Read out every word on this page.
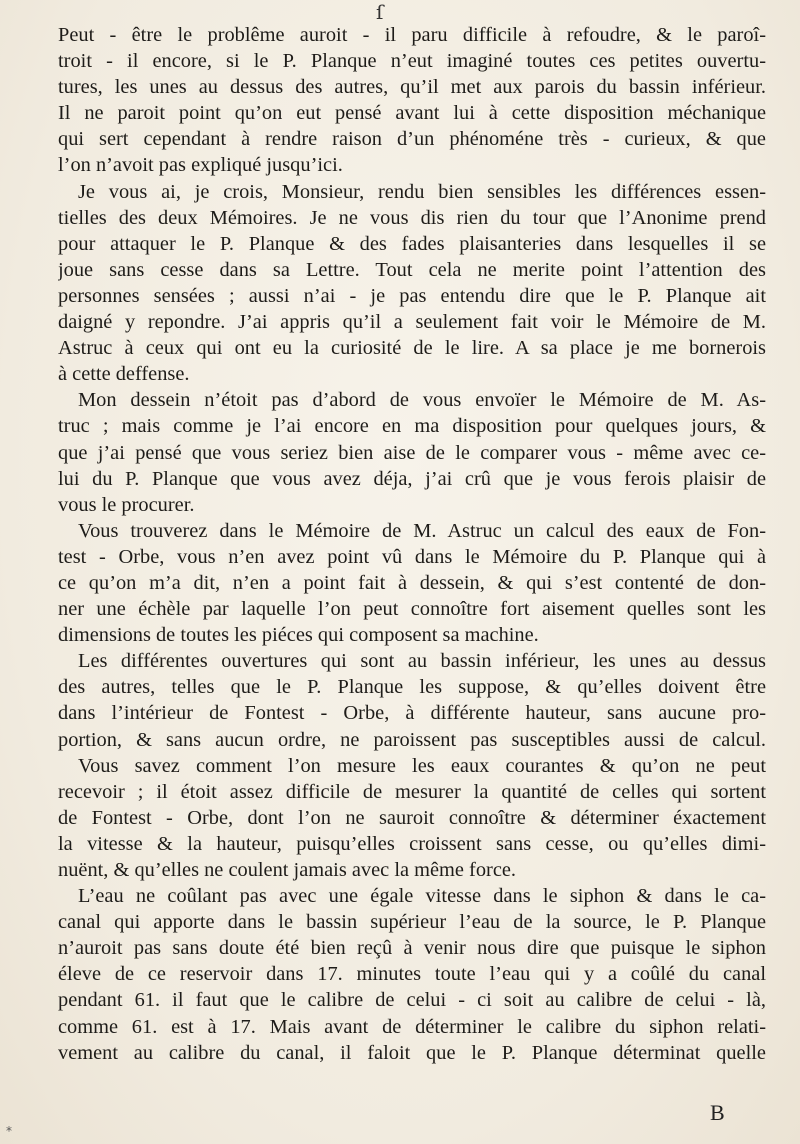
ſ
Peut - être le problême auroit - il paru difficile à refoudre, & le paroî-
troit - il encore, si le P. Planque n’eut imaginé toutes ces petites ouvertu-
tures, les unes au dessus des autres, qu’il met aux parois du bassin inférieur.
Il ne paroit point qu’on eut pensé avant lui à cette disposition méchanique
qui sert cependant à rendre raison d’un phénoméne très - curieux, & que
l’on n’avoit pas expliqué jusqu’ici.
Je vous ai, je crois, Monsieur, rendu bien sensibles les différences essen-
tielles des deux Mémoires. Je ne vous dis rien du tour que l’Anonime prend
pour attaquer le P. Planque & des fades plaisanteries dans lesquelles il se
joue sans cesse dans sa Lettre. Tout cela ne merite point l’attention des
personnes sensées ; aussi n’ai - je pas entendu dire que le P. Planque ait
daigné y repondre. J’ai appris qu’il a seulement fait voir le Mémoire de M.
Astruc à ceux qui ont eu la curiosité de le lire. A sa place je me bornerois
à cette deffense.
Mon dessein n’étoit pas d’abord de vous envoïer le Mémoire de M. As-
truc ; mais comme je l’ai encore en ma disposition pour quelques jours, &
que j’ai pensé que vous seriez bien aise de le comparer vous - même avec ce-
lui du P. Planque que vous avez déja, j’ai crû que je vous ferois plaisir de
vous le procurer.
Vous trouverez dans le Mémoire de M. Astruc un calcul des eaux de Fon-
test - Orbe, vous n’en avez point vû dans le Mémoire du P. Planque qui à
ce qu’on m’a dit, n’en a point fait à dessein, & qui s’est contenté de don-
ner une échèle par laquelle l’on peut connoître fort aisement quelles sont les
dimensions de toutes les piéces qui composent sa machine.
Les différentes ouvertures qui sont au bassin inférieur, les unes au dessus
des autres, telles que le P. Planque les suppose, & qu’elles doivent être
dans l’intérieur de Fontest - Orbe, à différente hauteur, sans aucune pro-
portion, & sans aucun ordre, ne paroissent pas susceptibles aussi de calcul.
Vous savez comment l’on mesure les eaux courantes & qu’on ne peut
recevoir ; il étoit assez difficile de mesurer la quantité de celles qui sortent
de Fontest - Orbe, dont l’on ne sauroit connoître & déterminer éxactement
la vitesse & la hauteur, puisqu’elles croissent sans cesse, ou qu’elles dimi-
nuënt, & qu’elles ne coulent jamais avec la même force.
L’eau ne coûlant pas avec une égale vitesse dans le siphon & dans le ca-
canal qui apporte dans le bassin supérieur l’eau de la source, le P. Planque
n’auroit pas sans doute été bien reçû à venir nous dire que puisque le siphon
éleve de ce reservoir dans 17. minutes toute l’eau qui y a coûlé du canal
pendant 61. il faut que le calibre de celui - ci soit au calibre de celui - là,
comme 61. est à 17. Mais avant de déterminer le calibre du siphon relati-
vement au calibre du canal, il faloit que le P. Planque déterminat quelle
B
*
